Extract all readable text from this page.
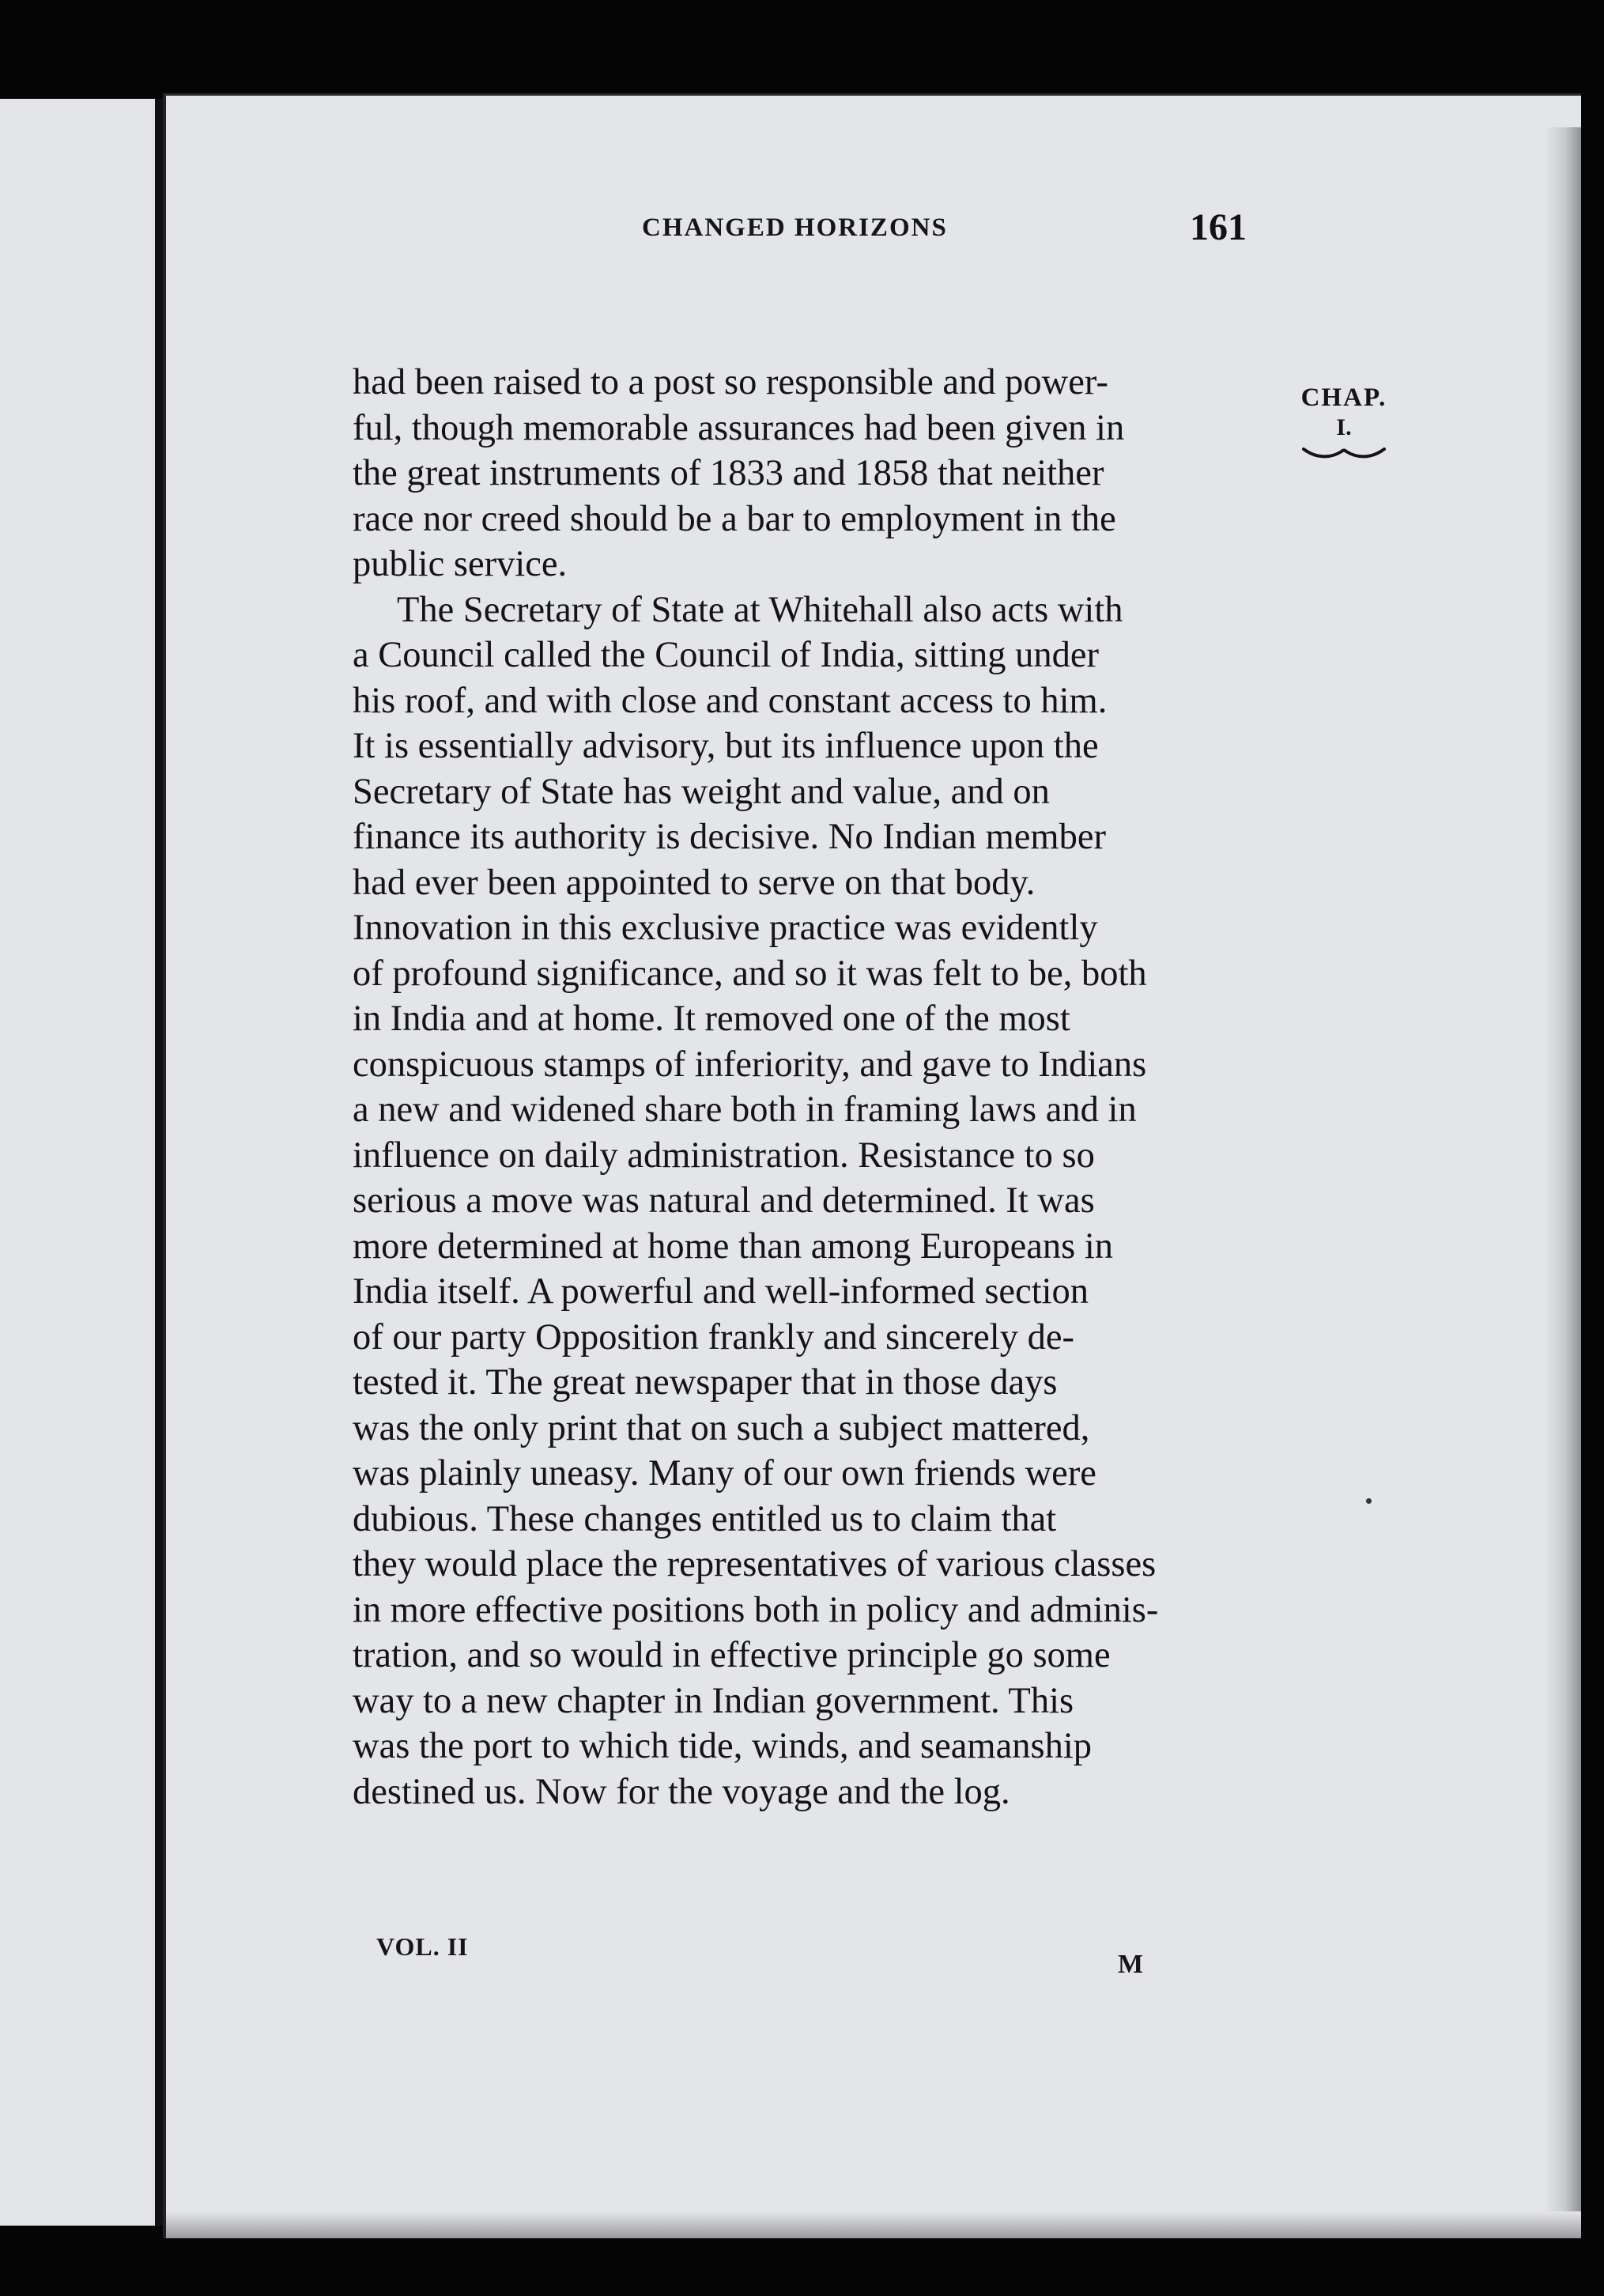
CHANGED HORIZONS	161
CHAP.
I.

had been raised to a post so responsible and power-
ful, though memorable assurances had been given in
the great instruments of 1833 and 1858 that neither
race nor creed should be a bar to employment in the
public service.

The Secretary of State at Whitehall also acts with
a Council called the Council of India, sitting under
his roof, and with close and constant access to him.
It is essentially advisory, but its influence upon the
Secretary of State has weight and value, and on
finance its authority is decisive. No Indian member
had ever been appointed to serve on that body.
Innovation in this exclusive practice was evidently
of profound significance, and so it was felt to be, both
in India and at home. It removed one of the most
conspicuous stamps of inferiority, and gave to Indians
a new and widened share both in framing laws and in
influence on daily administration. Resistance to so
serious a move was natural and determined. It was
more determined at home than among Europeans in
India itself. A powerful and well-informed section
of our party Opposition frankly and sincerely de-
tested it. The great newspaper that in those days
was the only print that on such a subject mattered,
was plainly uneasy. Many of our own friends were
dubious. These changes entitled us to claim that
they would place the representatives of various classes
in more effective positions both in policy and adminis-
tration, and so would in effective principle go some
way to a new chapter in Indian government. This
was the port to which tide, winds, and seamanship
destined us. Now for the voyage and the log.

VOL. II
M
